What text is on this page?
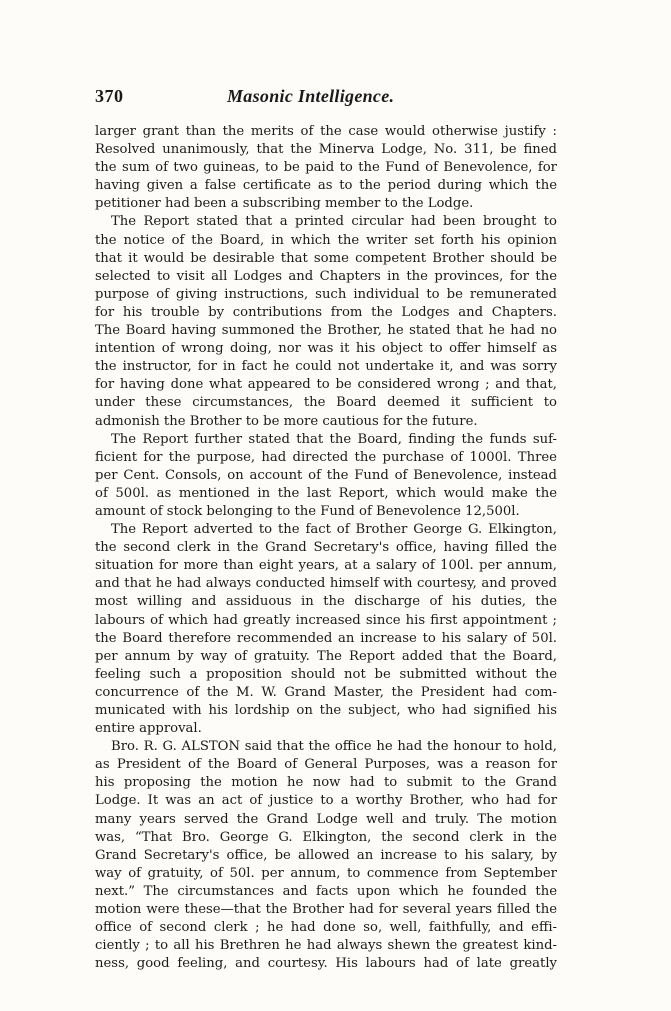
370	Masonic Intelligence.
larger grant than the merits of the case would otherwise justify :
Resolved unanimously, that the Minerva Lodge, No. 311, be fined
the sum of two guineas, to be paid to the Fund of Benevolence, for
having given a false certificate as to the period during which the
petitioner had been a subscribing member to the Lodge.
The Report stated that a printed circular had been brought to
the notice of the Board, in which the writer set forth his opinion
that it would be desirable that some competent Brother should be
selected to visit all Lodges and Chapters in the provinces, for the
purpose of giving instructions, such individual to be remunerated
for his trouble by contributions from the Lodges and Chapters.
The Board having summoned the Brother, he stated that he had no
intention of wrong doing, nor was it his object to offer himself as
the instructor, for in fact he could not undertake it, and was sorry
for having done what appeared to be considered wrong ; and that,
under these circumstances, the Board deemed it sufficient to
admonish the Brother to be more cautious for the future.
The Report further stated that the Board, finding the funds suf-
ficient for the purpose, had directed the purchase of 1000l. Three
per Cent. Consols, on account of the Fund of Benevolence, instead
of 500l. as mentioned in the last Report, which would make the
amount of stock belonging to the Fund of Benevolence 12,500l.
The Report adverted to the fact of Brother George G. Elkington,
the second clerk in the Grand Secretary's office, having filled the
situation for more than eight years, at a salary of 100l. per annum,
and that he had always conducted himself with courtesy, and proved
most willing and assiduous in the discharge of his duties, the
labours of which had greatly increased since his first appointment ;
the Board therefore recommended an increase to his salary of 50l.
per annum by way of gratuity. The Report added that the Board,
feeling such a proposition should not be submitted without the
concurrence of the M. W. Grand Master, the President had com-
municated with his lordship on the subject, who had signified his
entire approval.
Bro. R. G. ALSTON said that the office he had the honour to hold,
as President of the Board of General Purposes, was a reason for
his proposing the motion he now had to submit to the Grand
Lodge. It was an act of justice to a worthy Brother, who had for
many years served the Grand Lodge well and truly. The motion
was, “That Bro. George G. Elkington, the second clerk in the
Grand Secretary's office, be allowed an increase to his salary, by
way of gratuity, of 50l. per annum, to commence from September
next.” The circumstances and facts upon which he founded the
motion were these—that the Brother had for several years filled the
office of second clerk ; he had done so, well, faithfully, and effi-
ciently ; to all his Brethren he had always shewn the greatest kind-
ness, good feeling, and courtesy. His labours had of late greatly
